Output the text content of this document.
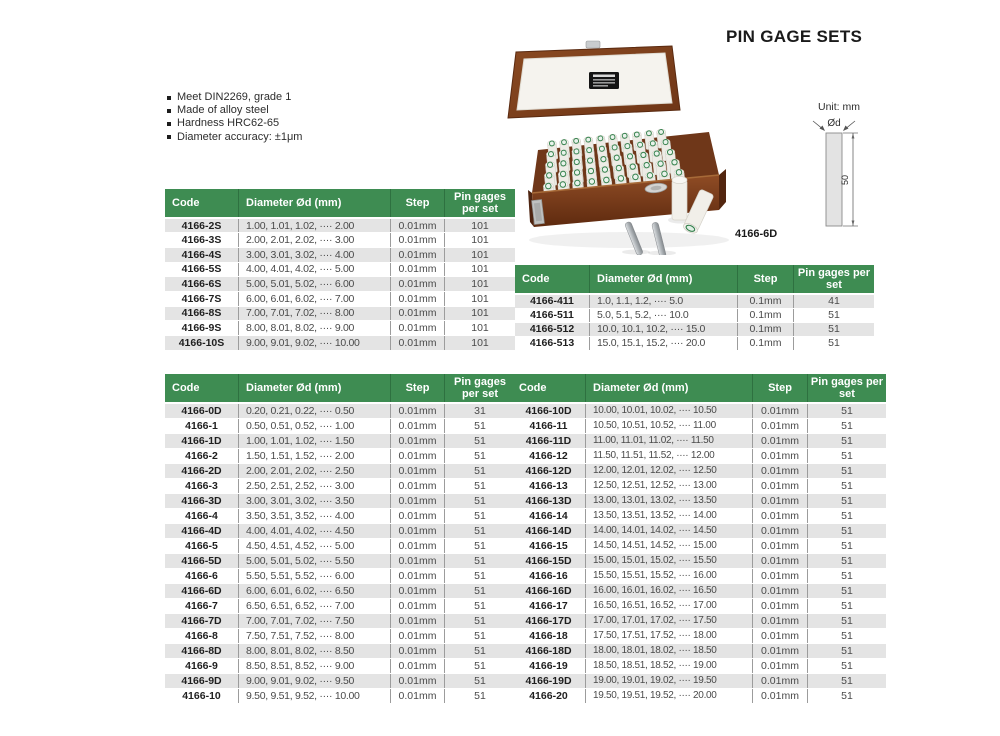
PIN GAGE SETS
Meet DIN2269, grade 1
Made of alloy steel
Hardness HRC62-65
Diameter accuracy: ±1μm
4166-6D
Unit: mm
Ød
50
Code	Diameter Ød (mm)	Step	Pin gages per set
4166-2S	1.00, 1.01, 1.02, ···· 2.00	0.01mm	101
4166-3S	2.00, 2.01, 2.02, ···· 3.00	0.01mm	101
4166-4S	3.00, 3.01, 3.02, ···· 4.00	0.01mm	101
4166-5S	4.00, 4.01, 4.02, ···· 5.00	0.01mm	101
4166-6S	5.00, 5.01, 5.02, ···· 6.00	0.01mm	101
4166-7S	6.00, 6.01, 6.02, ···· 7.00	0.01mm	101
4166-8S	7.00, 7.01, 7.02, ···· 8.00	0.01mm	101
4166-9S	8.00, 8.01, 8.02, ···· 9.00	0.01mm	101
4166-10S	9.00, 9.01, 9.02, ···· 10.00	0.01mm	101
Code	Diameter Ød (mm)	Step	Pin gages per set
4166-411	1.0, 1.1, 1.2, ···· 5.0	0.1mm	41
4166-511	5.0, 5.1, 5.2, ···· 10.0	0.1mm	51
4166-512	10.0, 10.1, 10.2, ···· 15.0	0.1mm	51
4166-513	15.0, 15.1, 15.2, ···· 20.0	0.1mm	51
Code	Diameter Ød (mm)	Step	Pin gages per set
4166-0D	0.20, 0.21, 0.22, ···· 0.50	0.01mm	31
4166-1	0.50, 0.51, 0.52, ···· 1.00	0.01mm	51
4166-1D	1.00, 1.01, 1.02, ···· 1.50	0.01mm	51
4166-2	1.50, 1.51, 1.52, ···· 2.00	0.01mm	51
4166-2D	2.00, 2.01, 2.02, ···· 2.50	0.01mm	51
4166-3	2.50, 2.51, 2.52, ···· 3.00	0.01mm	51
4166-3D	3.00, 3.01, 3.02, ···· 3.50	0.01mm	51
4166-4	3.50, 3.51, 3.52, ···· 4.00	0.01mm	51
4166-4D	4.00, 4.01, 4.02, ···· 4.50	0.01mm	51
4166-5	4.50, 4.51, 4.52, ···· 5.00	0.01mm	51
4166-5D	5.00, 5.01, 5.02, ···· 5.50	0.01mm	51
4166-6	5.50, 5.51, 5.52, ···· 6.00	0.01mm	51
4166-6D	6.00, 6.01, 6.02, ···· 6.50	0.01mm	51
4166-7	6.50, 6.51, 6.52, ···· 7.00	0.01mm	51
4166-7D	7.00, 7.01, 7.02, ···· 7.50	0.01mm	51
4166-8	7.50, 7.51, 7.52, ···· 8.00	0.01mm	51
4166-8D	8.00, 8.01, 8.02, ···· 8.50	0.01mm	51
4166-9	8.50, 8.51, 8.52, ···· 9.00	0.01mm	51
4166-9D	9.00, 9.01, 9.02, ···· 9.50	0.01mm	51
4166-10	9.50, 9.51, 9.52, ···· 10.00	0.01mm	51
Code	Diameter Ød (mm)	Step	Pin gages per set
4166-10D	10.00, 10.01, 10.02, ···· 10.50	0.01mm	51
4166-11	10.50, 10.51, 10.52, ···· 11.00	0.01mm	51
4166-11D	11.00, 11.01, 11.02, ···· 11.50	0.01mm	51
4166-12	11.50, 11.51, 11.52, ···· 12.00	0.01mm	51
4166-12D	12.00, 12.01, 12.02, ···· 12.50	0.01mm	51
4166-13	12.50, 12.51, 12.52, ···· 13.00	0.01mm	51
4166-13D	13.00, 13.01, 13.02, ···· 13.50	0.01mm	51
4166-14	13.50, 13.51, 13.52, ···· 14.00	0.01mm	51
4166-14D	14.00, 14.01, 14.02, ···· 14.50	0.01mm	51
4166-15	14.50, 14.51, 14.52, ···· 15.00	0.01mm	51
4166-15D	15.00, 15.01, 15.02, ···· 15.50	0.01mm	51
4166-16	15.50, 15.51, 15.52, ···· 16.00	0.01mm	51
4166-16D	16.00, 16.01, 16.02, ···· 16.50	0.01mm	51
4166-17	16.50, 16.51, 16.52, ···· 17.00	0.01mm	51
4166-17D	17.00, 17.01, 17.02, ···· 17.50	0.01mm	51
4166-18	17.50, 17.51, 17.52, ···· 18.00	0.01mm	51
4166-18D	18.00, 18.01, 18.02, ···· 18.50	0.01mm	51
4166-19	18.50, 18.51, 18.52, ···· 19.00	0.01mm	51
4166-19D	19.00, 19.01, 19.02, ···· 19.50	0.01mm	51
4166-20	19.50, 19.51, 19.52, ···· 20.00	0.01mm	51
